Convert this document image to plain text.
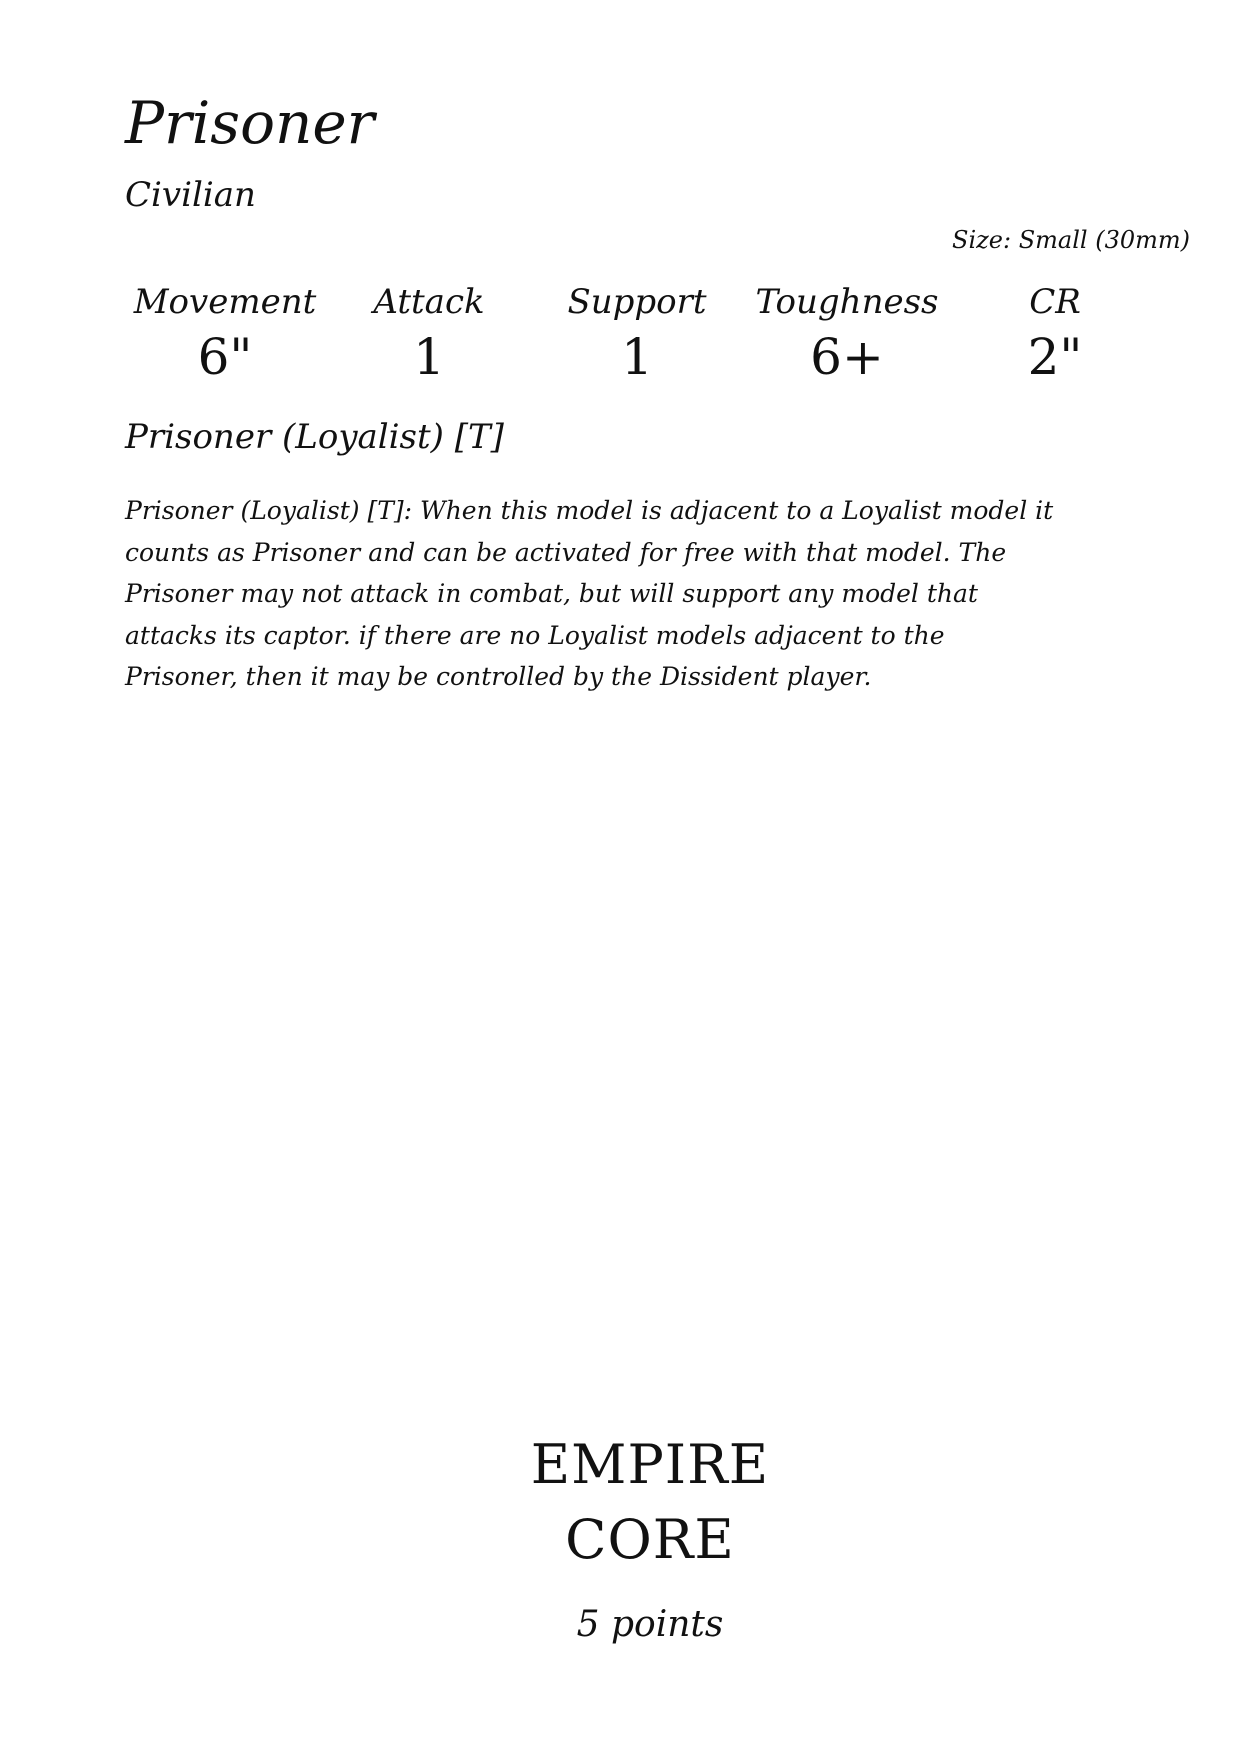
Prisoner
Civilian
Size: Small (30mm)
Movement
6"
Attack
1
Support
1
Toughness
6+
CR
2"
Prisoner (Loyalist) [T]

Prisoner (Loyalist) [T]: When this model is adjacent to a Loyalist model it counts as Prisoner and can be activated for free with that model. The Prisoner may not attack in combat, but will support any model that attacks its captor. if there are no Loyalist models adjacent to the Prisoner, then it may be controlled by the Dissident player.

EMPIRE
CORE
5 points
